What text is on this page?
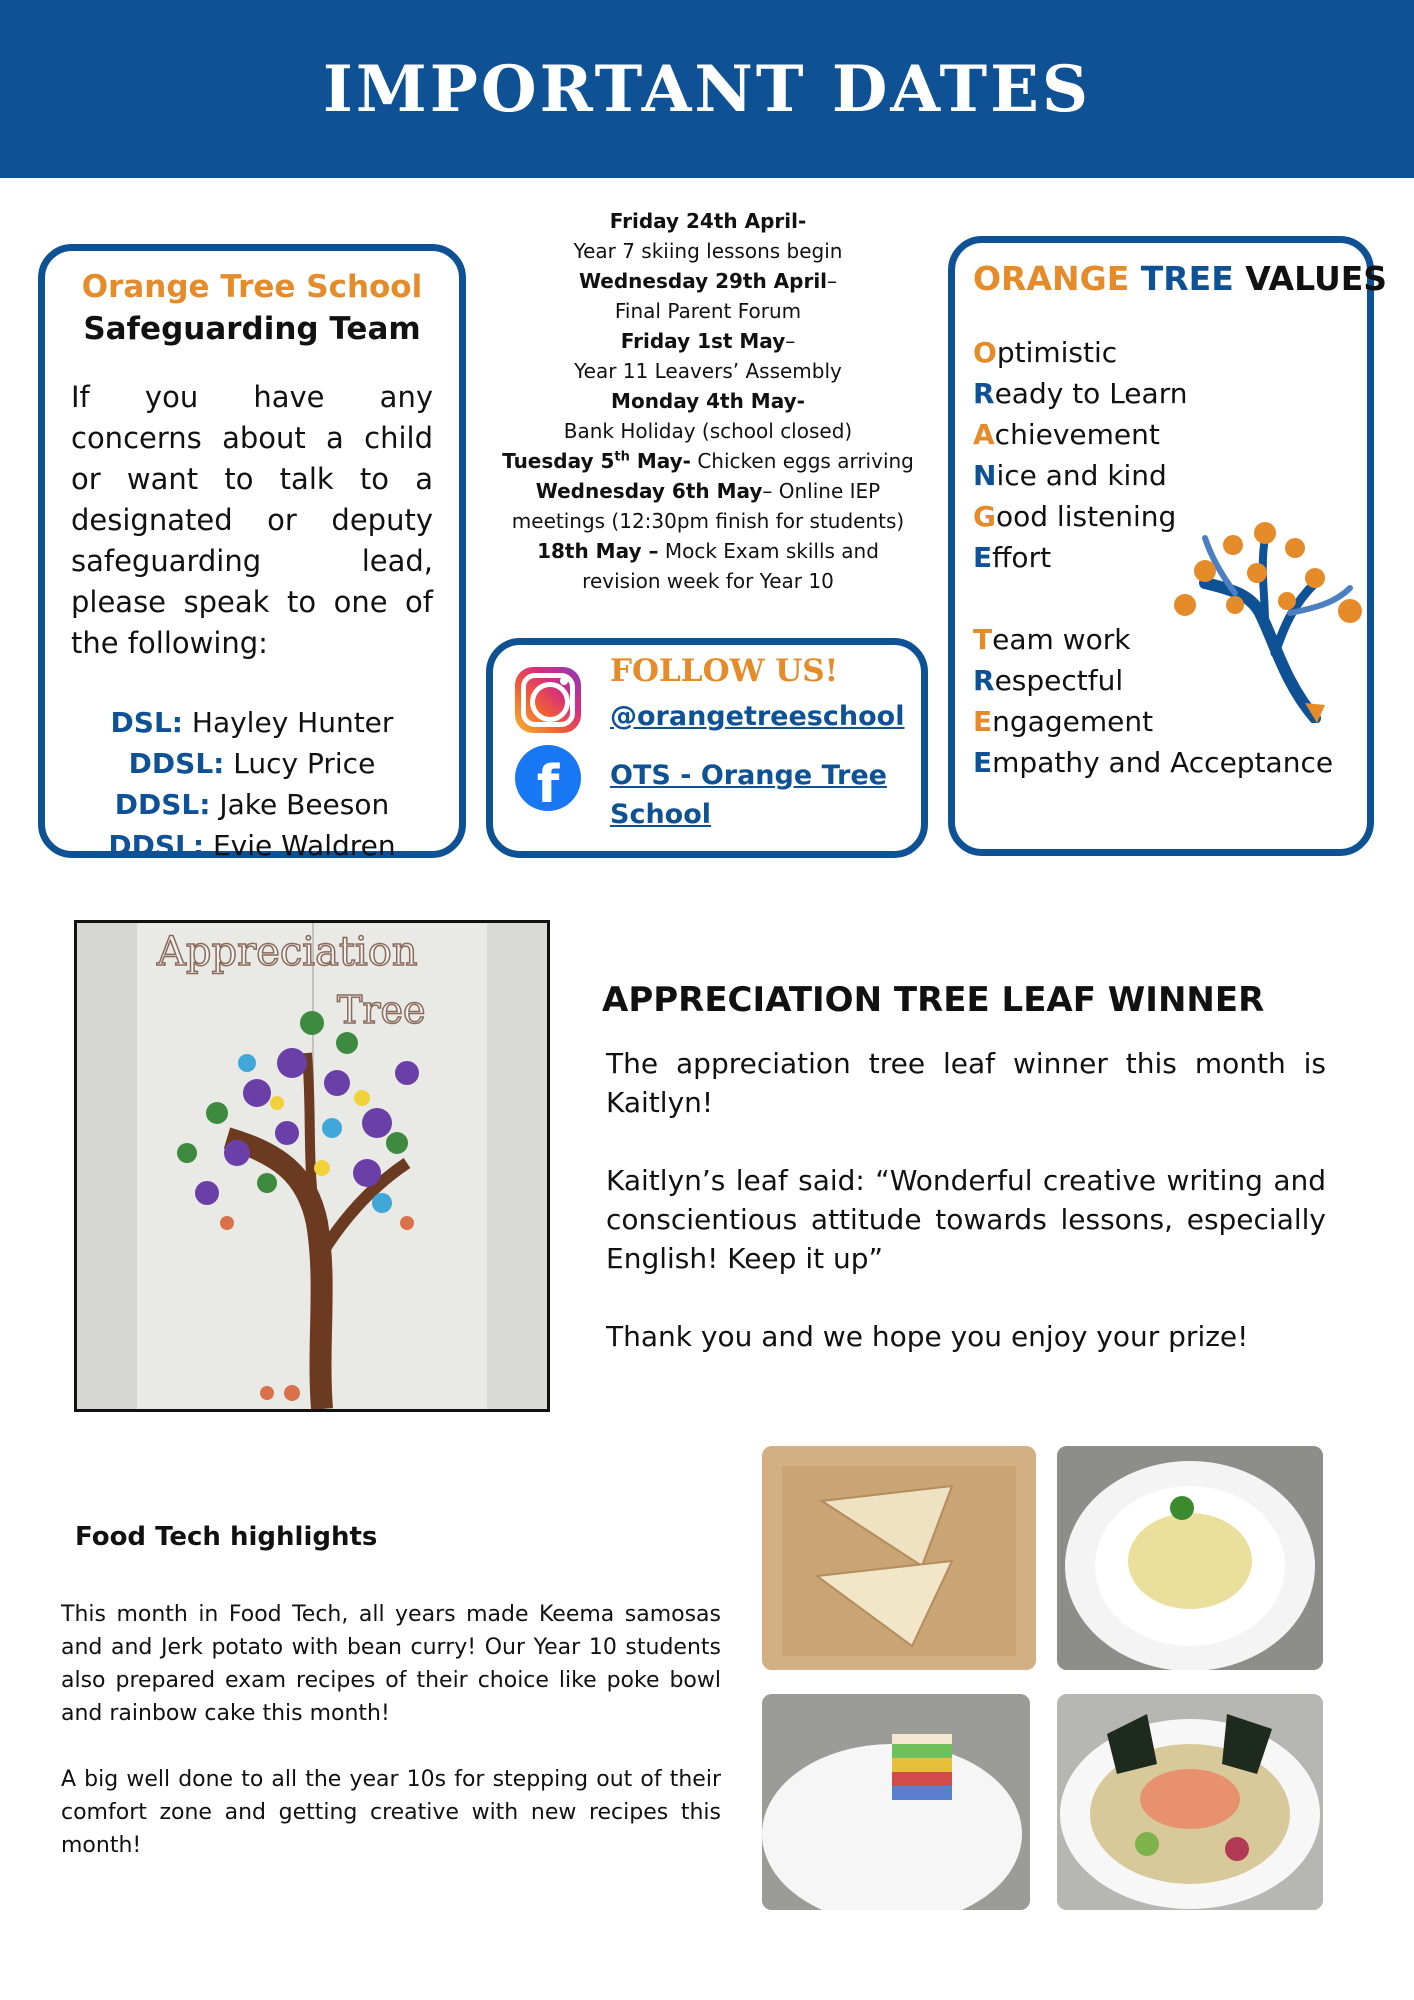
IMPORTANT DATES
Orange Tree School
Safeguarding Team
If you have any concerns about a child or want to talk to a designated or deputy safeguarding lead, please speak to one of the following:
DSL: Hayley Hunter
DDSL: Lucy Price
DDSL: Jake Beeson
DDSL: Evie Waldren
Friday 24th April-
Year 7 skiing lessons begin
Wednesday 29th April–
Final Parent Forum
Friday 1st May–
Year 11 Leavers’ Assembly
Monday 4th May-
Bank Holiday (school closed)
Tuesday 5th May- Chicken eggs arriving
Wednesday 6th May– Online IEP
meetings (12:30pm finish for students)
18th May – Mock Exam skills and
revision week for Year 10
f
FOLLOW US!
@orangetreeschool
OTS - Orange Tree School
ORANGE TREE VALUES
Optimistic
Ready to Learn
Achievement
Nice and kind
Good listening
Effort
Team work
Respectful
Engagement
Empathy and Acceptance
Appreciation
Tree	APPRECIATION TREE LEAF WINNER

The appreciation tree leaf winner this month is Kaitlyn!

Kaitlyn’s leaf said: “Wonderful creative writing and conscientious attitude towards lessons, especially English! Keep it up”

Thank you and we hope you enjoy your prize!

Food Tech highlights

This month in Food Tech, all years made Keema samosas and and Jerk potato with bean curry! Our Year 10 students also prepared exam recipes of their choice like poke bowl and rainbow cake this month!

A big well done to all the year 10s for stepping out of their comfort zone and getting creative with new recipes this month!
